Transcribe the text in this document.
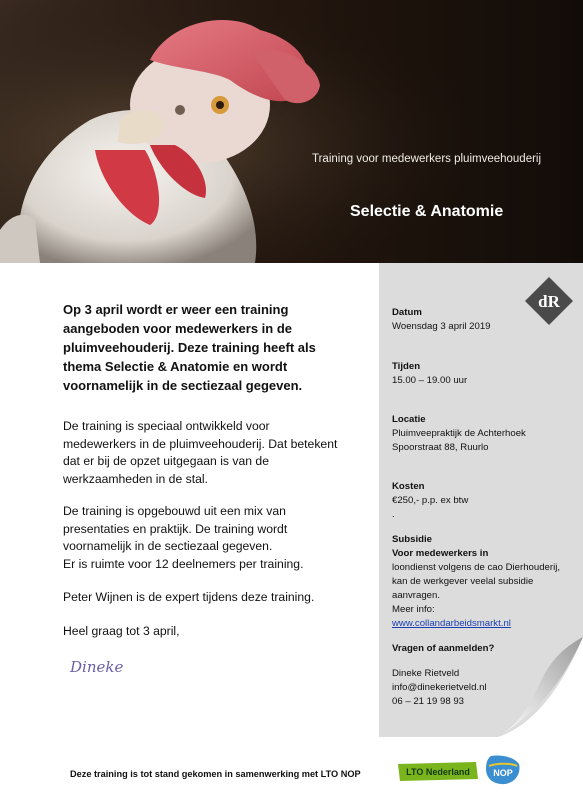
Training voor medewerkers pluimveehouderij
Selectie & Anatomie
dR
Datum
Woensdag 3 april 2019
Tijden
15.00 – 19.00 uur
Locatie
Pluimveepraktijk de Achterhoek
Spoorstraat 88, Ruurlo
Kosten
€250,- p.p. ex btw
.
Subsidie
Voor medewerkers in
loondienst volgens de cao Dierhouderij, kan de werkgever veelal subsidie aanvragen.
Meer info:
www.collandarbeidsmarkt.nl
Vragen of aanmelden?
Dineke Rietveld
info@dinekerietveld.nl
06 – 21 19 98 93
Op 3 april wordt er weer een training aangeboden voor medewerkers in de pluimveehouderij. Deze training heeft als thema Selectie & Anatomie en wordt voornamelijk in de sectiezaal gegeven.
De training is speciaal ontwikkeld voor medewerkers in de pluimveehouderij. Dat betekent dat er bij de opzet uitgegaan is van de werkzaamheden in de stal.
De training is opgebouwd uit een mix van presentaties en praktijk. De training wordt voornamelijk in de sectiezaal gegeven.
Er is ruimte voor 12 deelnemers per training.
Peter Wijnen is de expert tijdens deze training.
Heel graag tot 3 april,
Dineke
Deze training is tot stand gekomen in samenwerking met LTO NOP	LTO Nederland	NOP
